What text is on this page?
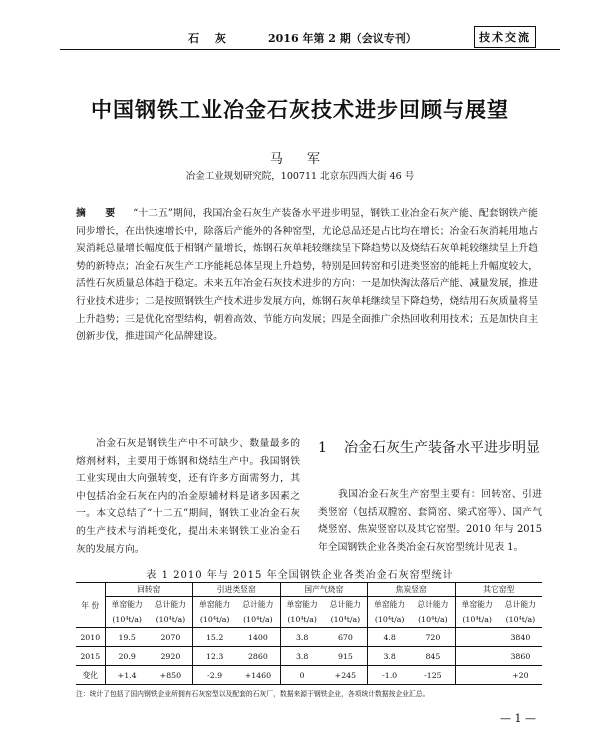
石 灰	2016 年第 2 期（会议专刊）	技术交流
中国钢铁工业冶金石灰技术进步回顾与展望
马 军
冶金工业规划研究院，100711 北京东四西大街 46 号
摘 要 “十二五”期间，我国冶金石灰生产装备水平进步明显，钢铁工业冶金石灰产能、配套钢铁产能同步增长，在出快速增长中，除落后产能外的各种窑型，尤论总品还是占比均在增长；冶金石灰消耗用地占炭消耗总量增长幅度低于相钢产量增长，炼钢石灰单耗较继续呈下降趋势以及烧结石灰单耗较继续呈上升趋势的新特点；冶金石灰生产工序能耗总体呈现上升趋势，特别是回转窑和引进类竖窑的能耗上升幅度较大，活性石灰质量总体趋于稳定。未来五年冶金石灰技术进步的方向：一是加快淘汰落后产能、减量发展，推进行业技术进步；二是按照钢铁生产技术进步发展方向，炼钢石灰单耗继续呈下降趋势，烧结用石灰质量将呈上升趋势；三是优化窑型结构，朝着高效、节能方向发展；四是全面推广余热回收利用技术；五是加快自主创新步伐，推进国产化品牌建设。
冶金石灰是钢铁生产中不可缺少、数量最多的熔剂材料，主要用于炼钢和烧结生产中。我国钢铁工业实现由大向强转变，还有许多方面需努力，其中包括冶金石灰在内的冶金原辅材料是诸多因素之一。本文总结了“十二五”期间，钢铁工业冶金石灰的生产技术与消耗变化，提出未来钢铁工业冶金石灰的发展方向。
1 冶金石灰生产装备水平进步明显
我国冶金石灰生产窑型主要有：回转窑、引进类竖窑（包括双膛窑、套筒窑、梁式窑等）、国产气烧竖窑、焦炭竖窑以及其它窑型。2010 年与 2015 年全国钢铁企业各类冶金石灰窑型统计见表 1。
表 1 2010 年与 2015 年全国钢铁企业各类冶金石灰窑型统计
年 份	回转窑		引进类竖窑		国产气烧窑		焦炭竖窑		其它窑型	
	单窑能力	总计能力	单窑能力	总计能力	单窑能力	总计能力	单窑能力	总计能力	单窑能力	总计能力
	(10⁴t/a)	(10⁴t/a)	(10⁴t/a)	(10⁴t/a)	(10⁴t/a)	(10⁴t/a)	(10⁴t/a)	(10⁴t/a)	(10⁴t/a)	(10⁴t/a)
2010	19.5	2070	15.2	1400	3.8	670	4.8	720		3840
2015	20.9	2920	12.3	2860	3.8	915	3.8	845		3860
变化	+1.4	+850	-2.9	+1460	0	+245	-1.0	-125		+20
注：统计了包括了国内钢铁企业所拥有石灰窑型以及配套的石灰厂，数据来源于钢铁企业，各项统计数据按企业汇总。
— 1 —
